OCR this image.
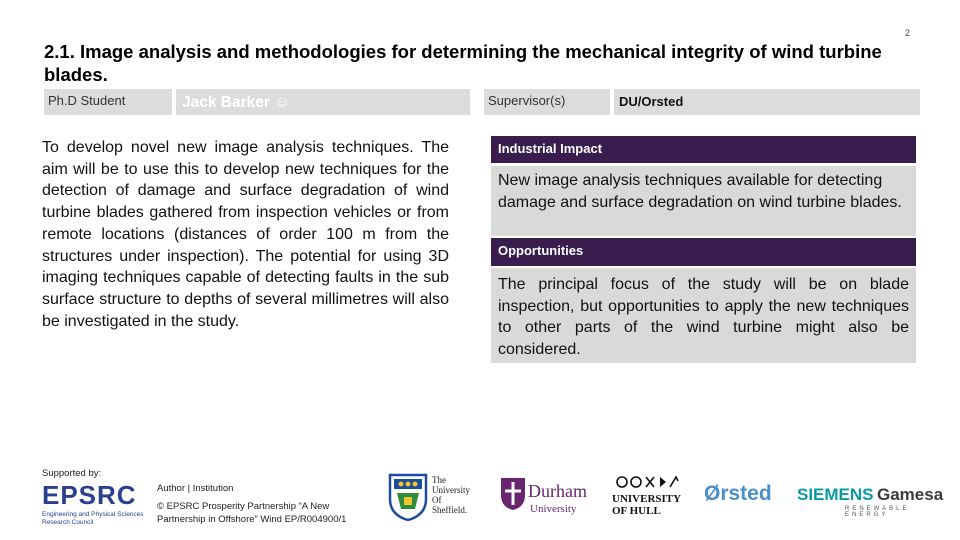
2
2.1. Image analysis and methodologies for determining the mechanical integrity of wind turbine blades.
Ph.D Student	Jack Barker ☺	Supervisor(s)	DU/Orsted
To develop novel new image analysis techniques. The aim will be to use this to develop new techniques for the detection of damage and surface degradation of wind turbine blades gathered from inspection vehicles or from remote locations (distances of order 100 m from the structures under inspection). The potential for using 3D imaging techniques capable of detecting faults in the sub surface structure to depths of several millimetres will also be investigated in the study.
Industrial Impact

New image analysis techniques available for detecting damage and surface degradation on wind turbine blades.

Opportunities

The principal focus of the study will be on blade inspection, but opportunities to apply the new techniques to other parts of the wind turbine might also be considered.

Supported by:
EPSRC
Engineering and Physical Sciences Research Council
Author | Institution
© EPSRC Prosperity Partnership “A New
Partnership in Offshore” Wind EP/R004900/1
The
University
Of
Sheffield.
Durham
University
UNIVERSITY
OF HULL
Ørsted	SIEMENS Gamesa
RENEWABLE ENERGY
